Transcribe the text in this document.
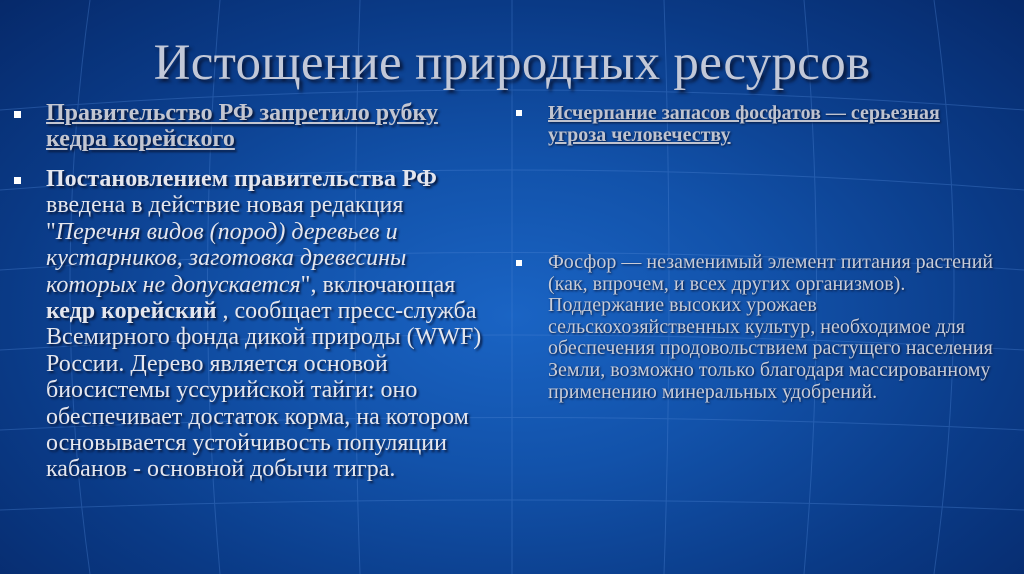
Истощение природных ресурсов
Правительство РФ запретило рубку кедра корейского
Постановлением правительства РФ введена в действие новая редакция "Перечня видов (пород) деревьев и кустарников, заготовка древесины которых не допускается", включающая кедр корейский , сообщает пресс-служба Всемирного фонда дикой природы (WWF) России. Дерево является основой биосистемы уссурийской тайги: оно обеспечивает достаток корма, на котором основывается устойчивость популяции кабанов - основной добычи тигра.
Исчерпание запасов фосфатов — серьезная угроза человечеству
Фосфор — незаменимый элемент питания растений (как, впрочем, и всех других организмов). Поддержание высоких урожаев сельскохозяйственных культур, необходимое для обеспечения продовольствием растущего населения Земли, возможно только благодаря массированному применению минеральных удобрений.
